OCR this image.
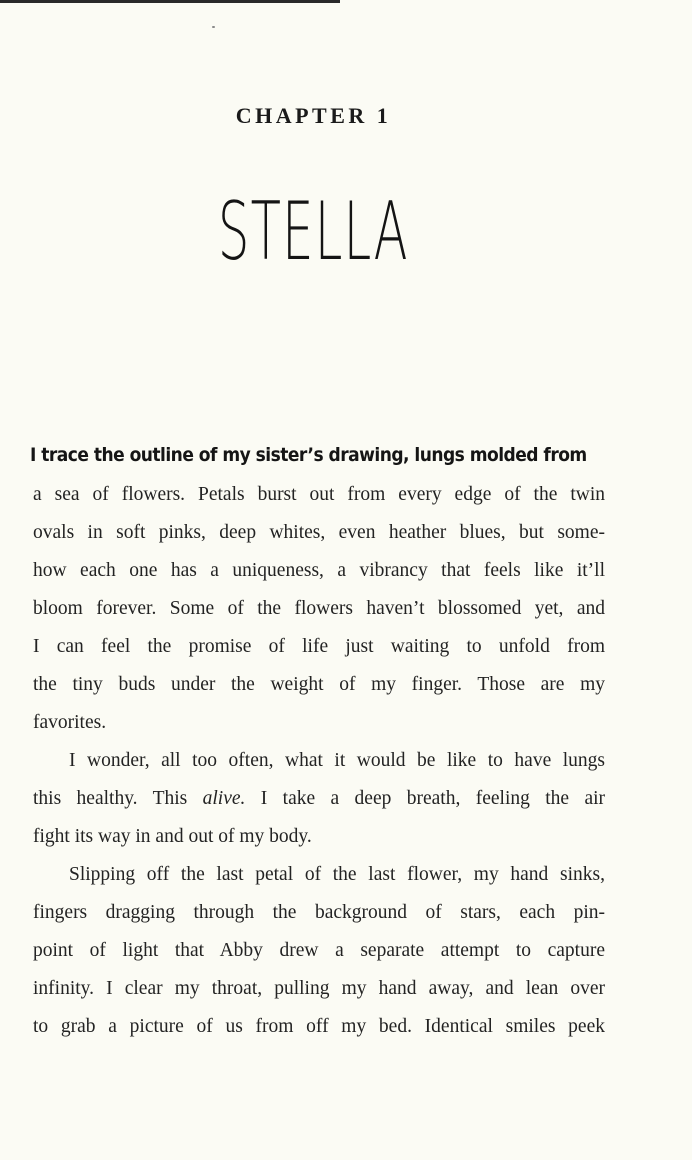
CHAPTER 1
STELLA
I trace the outline of my sister’s drawing, lungs molded from
a sea of flowers. Petals burst out from every edge of the twin
ovals in soft pinks, deep whites, even heather blues, but some-
how each one has a uniqueness, a vibrancy that feels like it’ll
bloom forever. Some of the flowers haven’t blossomed yet, and
I can feel the promise of life just waiting to unfold from
the tiny buds under the weight of my finger. Those are my
favorites.
I wonder, all too often, what it would be like to have lungs
this healthy. This alive. I take a deep breath, feeling the air
fight its way in and out of my body.
Slipping off the last petal of the last flower, my hand sinks,
fingers dragging through the background of stars, each pin-
point of light that Abby drew a separate attempt to capture
infinity. I clear my throat, pulling my hand away, and lean over
to grab a picture of us from off my bed. Identical smiles peek
